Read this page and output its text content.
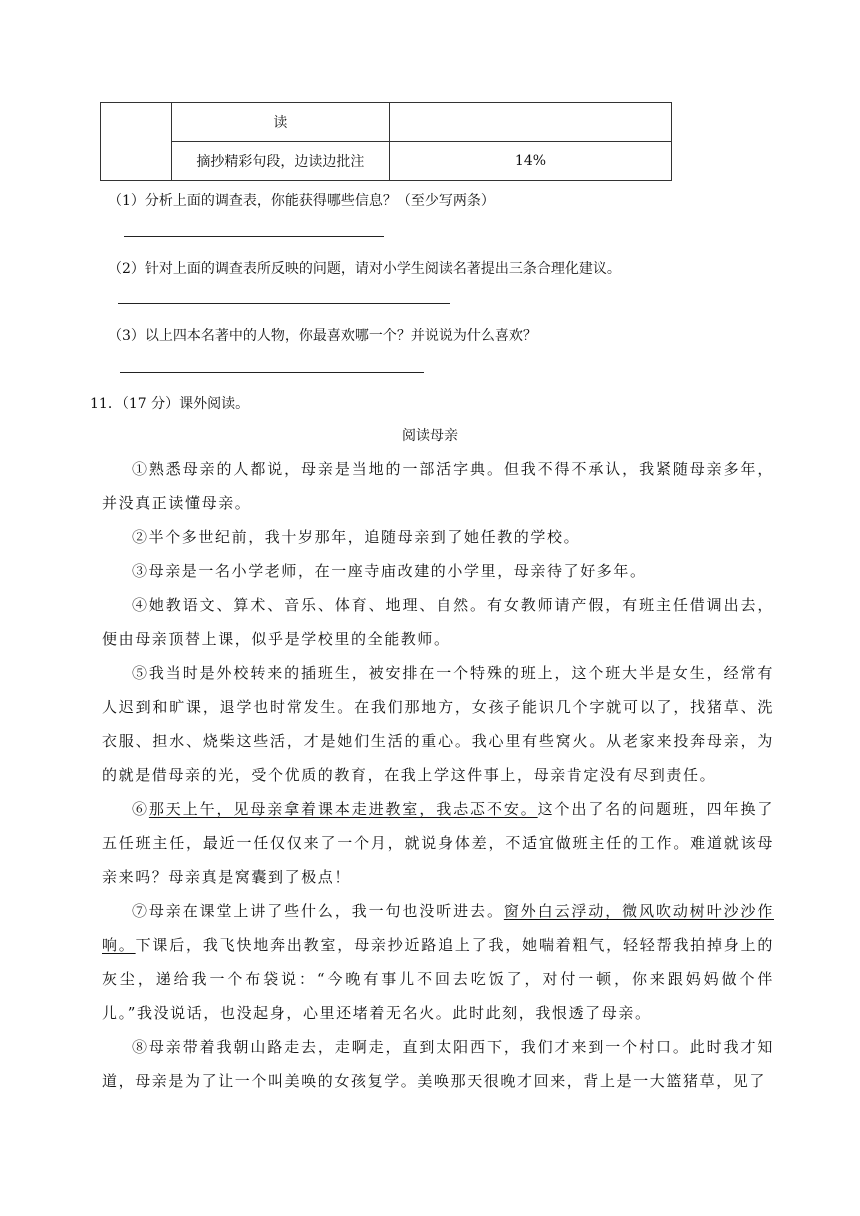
	读	
	摘抄精彩句段，边读边批注	14%
（1）分析上面的调查表，你能获得哪些信息？（至少写两条）
（2）针对上面的调查表所反映的问题，请对小学生阅读名著提出三条合理化建议。
（3）以上四本名著中的人物，你最喜欢哪一个？并说说为什么喜欢？
11．（17 分）课外阅读。
阅读母亲

①熟悉母亲的人都说，母亲是当地的一部活字典。但我不得不承认，我紧随母亲多年，并没真正读懂母亲。

②半个多世纪前，我十岁那年，追随母亲到了她任教的学校。

③母亲是一名小学老师，在一座寺庙改建的小学里，母亲待了好多年。

④她教语文、算术、音乐、体育、地理、自然。有女教师请产假，有班主任借调出去，便由母亲顶替上课，似乎是学校里的全能教师。

⑤我当时是外校转来的插班生，被安排在一个特殊的班上，这个班大半是女生，经常有人迟到和旷课，退学也时常发生。在我们那地方，女孩子能识几个字就可以了，找猪草、洗衣服、担水、烧柴这些活，才是她们生活的重心。我心里有些窝火。从老家来投奔母亲，为的就是借母亲的光，受个优质的教育，在我上学这件事上，母亲肯定没有尽到责任。

⑥那天上午，见母亲拿着课本走进教室，我忐忑不安。这个出了名的问题班，四年换了五任班主任，最近一任仅仅来了一个月，就说身体差，不适宜做班主任的工作。难道就该母亲来吗？母亲真是窝囊到了极点！

⑦母亲在课堂上讲了些什么，我一句也没听进去。窗外白云浮动，微风吹动树叶沙沙作响。下课后，我飞快地奔出教室，母亲抄近路追上了我，她喘着粗气，轻轻帮我拍掉身上的灰尘，递给我一个布袋说：“今晚有事儿不回去吃饭了，对付一顿，你来跟妈妈做个伴儿。”我没说话，也没起身，心里还堵着无名火。此时此刻，我恨透了母亲。

⑧母亲带着我朝山路走去，走啊走，直到太阳西下，我们才来到一个村口。此时我才知道，母亲是为了让一个叫美唤的女孩复学。美唤那天很晚才回来，背上是一大篮猪草，见了
